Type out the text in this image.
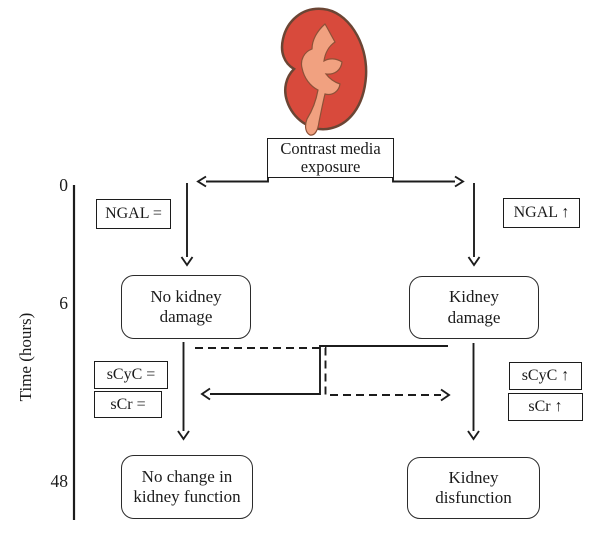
Contrast media
exposure
NGAL =	NGAL ↑
sCyC =
sCr =
sCyC ↑
sCr ↑
No kidney
damage
Kidney
damage
No change in
kidney function
Kidney
disfunction
0
6
48
Time (hours)
